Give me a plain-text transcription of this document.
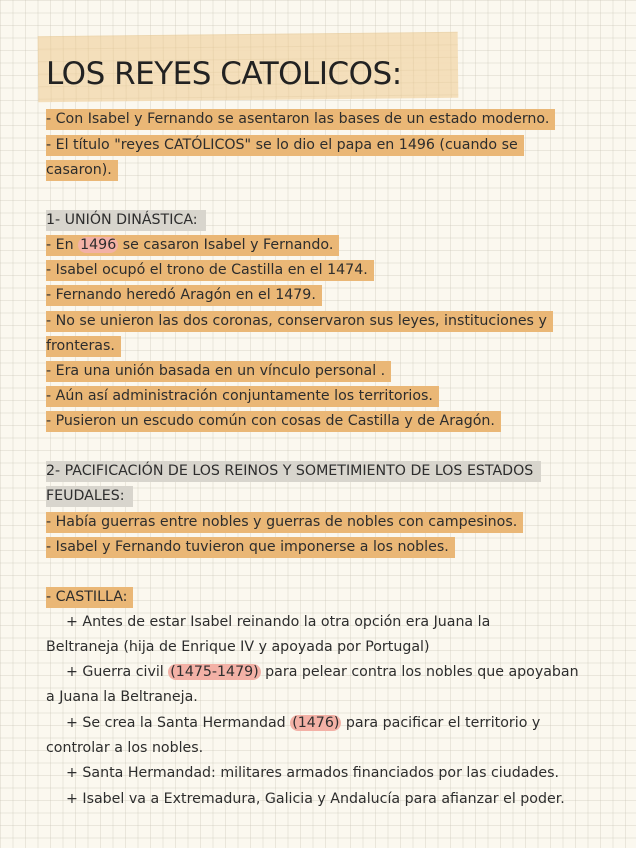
LOS REYES CATOLICOS:
- Con Isabel y Fernando se asentaron las bases de un estado moderno.
- El título "reyes CATÓLICOS" se lo dio el papa en 1496 (cuando se
casaron).
1- UNIÓN DINÁSTICA:
- En 1496 se casaron Isabel y Fernando.
- Isabel ocupó el trono de Castilla en el 1474.
- Fernando heredó Aragón en el 1479.
- No se unieron las dos coronas, conservaron sus leyes, instituciones y
fronteras.
- Era una unión basada en un vínculo personal .
- Aún así administración conjuntamente los territorios.
- Pusieron un escudo común con cosas de Castilla y de Aragón.
2- PACIFICACIÓN DE LOS REINOS Y SOMETIMIENTO DE LOS ESTADOS
FEUDALES:
- Había guerras entre nobles y guerras de nobles con campesinos.
- Isabel y Fernando tuvieron que imponerse a los nobles.
- CASTILLA:
+ Antes de estar Isabel reinando la otra opción era Juana la
Beltraneja (hija de Enrique IV y apoyada por Portugal)
+ Guerra civil (1475-1479) para pelear contra los nobles que apoyaban
a Juana la Beltraneja.
+ Se crea la Santa Hermandad (1476) para pacificar el territorio y
controlar a los nobles.
+ Santa Hermandad: militares armados financiados por las ciudades.
+ Isabel va a Extremadura, Galicia y Andalucía para afianzar el poder.
